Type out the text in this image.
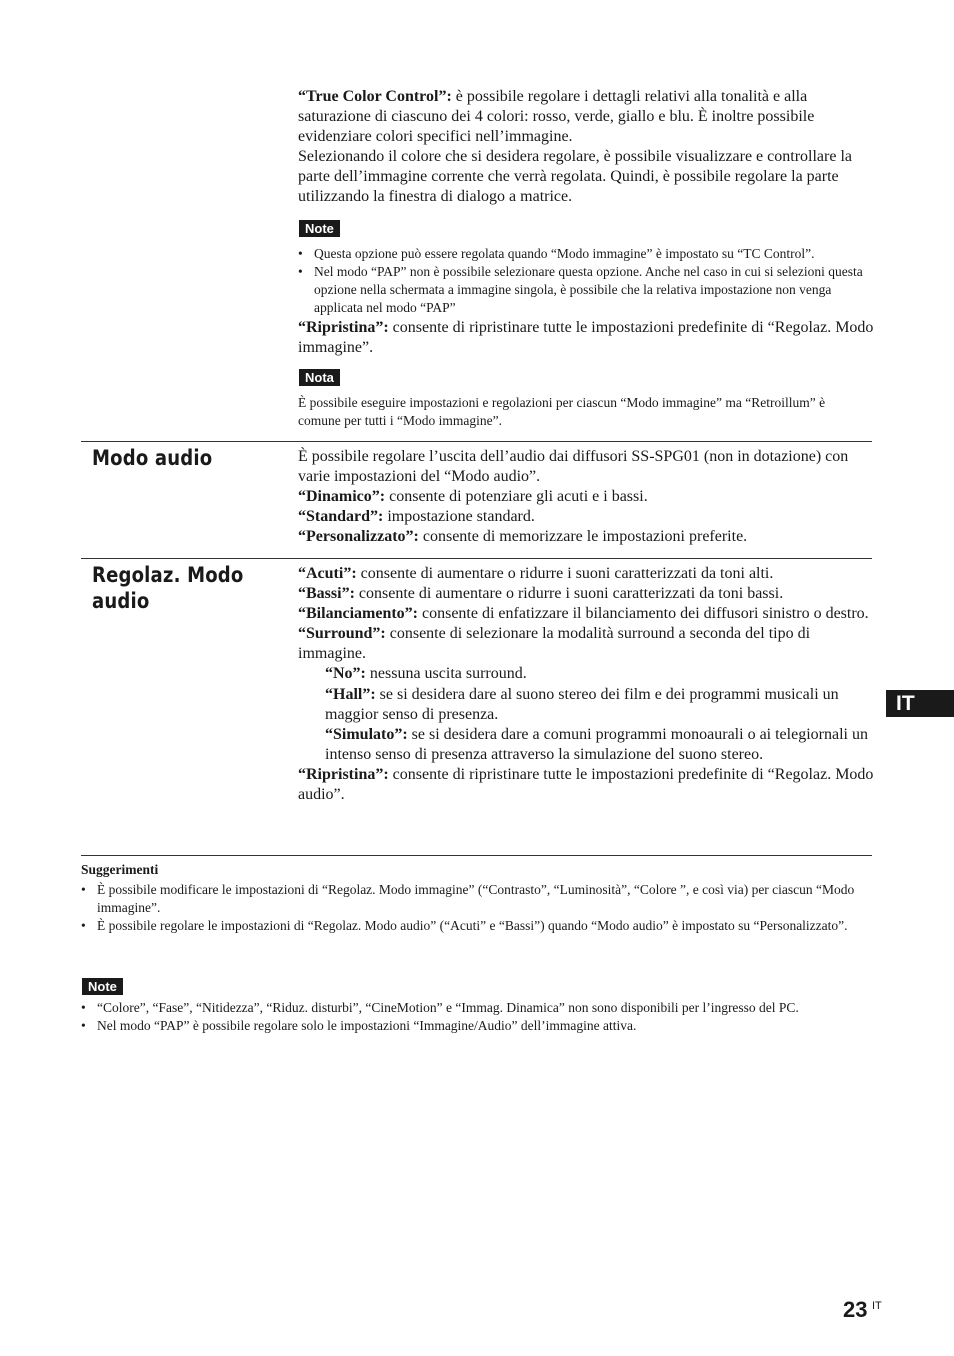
“True Color Control”: è possibile regolare i dettagli relativi alla tonalità e alla saturazione di ciascuno dei 4 colori: rosso, verde, giallo e blu. È inoltre possibile evidenziare colori specifici nell’immagine.
Selezionando il colore che si desidera regolare, è possibile visualizzare e controllare la parte dell’immagine corrente che verrà regolata. Quindi, è possibile regolare la parte utilizzando la finestra di dialogo a matrice.
Note
• Questa opzione può essere regolata quando “Modo immagine” è impostato su “TC Control”.
• Nel modo “PAP” non è possibile selezionare questa opzione. Anche nel caso in cui si selezioni questa opzione nella schermata a immagine singola, è possibile che la relativa impostazione non venga applicata nel modo “PAP”
“Ripristina”: consente di ripristinare tutte le impostazioni predefinite di “Regolaz. Modo immagine”.
Nota
È possibile eseguire impostazioni e regolazioni per ciascun “Modo immagine” ma “Retroillum” è comune per tutti i “Modo immagine”.
Modo audio	È possibile regolare l’uscita dell’audio dai diffusori SS-SPG01 (non in dotazione) con varie impostazioni del “Modo audio”.
“Dinamico”: consente di potenziare gli acuti e i bassi.
“Standard”: impostazione standard.
“Personalizzato”: consente di memorizzare le impostazioni preferite.
Regolaz. Modo
audio
“Acuti”: consente di aumentare o ridurre i suoni caratterizzati da toni alti.
“Bassi”: consente di aumentare o ridurre i suoni caratterizzati da toni bassi.
“Bilanciamento”: consente di enfatizzare il bilanciamento dei diffusori sinistro o destro.
“Surround”: consente di selezionare la modalità surround a seconda del tipo di immagine.
“No”: nessuna uscita surround.
“Hall”: se si desidera dare al suono stereo dei film e dei programmi musicali un maggior senso di presenza.
“Simulato”: se si desidera dare a comuni programmi monoaurali o ai telegiornali un intenso senso di presenza attraverso la simulazione del suono stereo.
“Ripristina”: consente di ripristinare tutte le impostazioni predefinite di “Regolaz. Modo audio”.
Suggerimenti
• È possibile modificare le impostazioni di “Regolaz. Modo immagine” (“Contrasto”, “Luminosità”, “Colore ”, e così via) per ciascun “Modo immagine”.
• È possibile regolare le impostazioni di “Regolaz. Modo audio” (“Acuti” e “Bassi”) quando “Modo audio” è impostato su “Personalizzato”.
Note
• “Colore”, “Fase”, “Nitidezza”, “Riduz. disturbi”, “CineMotion” e “Immag. Dinamica” non sono disponibili per l’ingresso del PC.
• Nel modo “PAP” è possibile regolare solo le impostazioni “Immagine/Audio” dell’immagine attiva.
IT
23 IT
